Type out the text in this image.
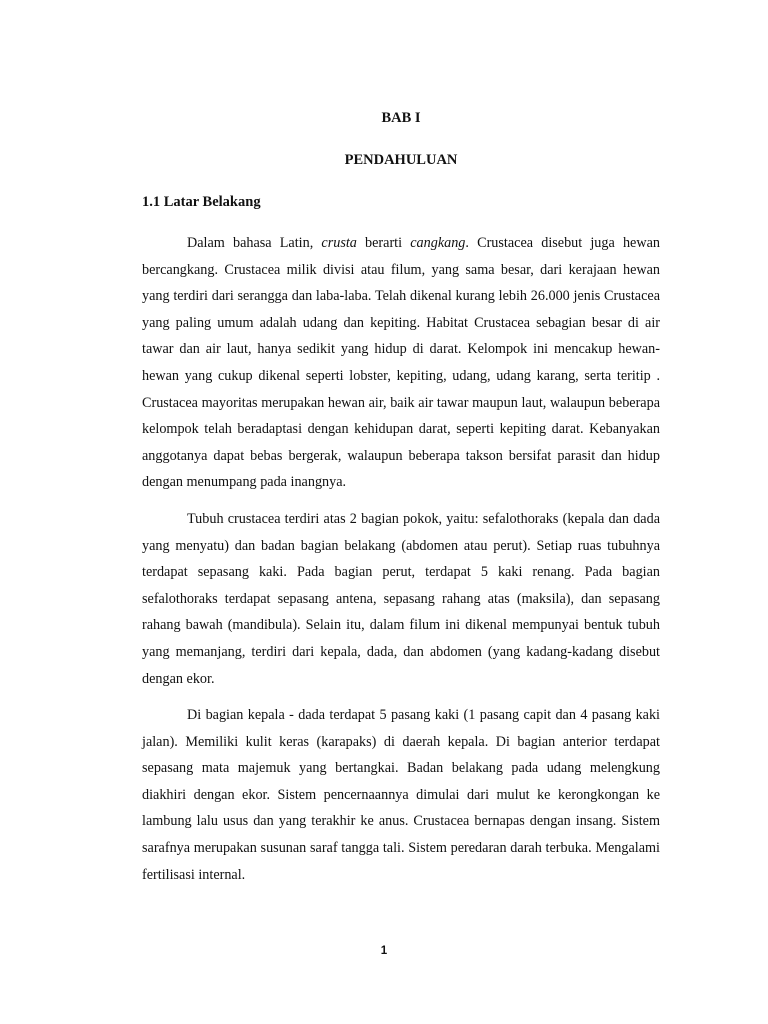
BAB I
PENDAHULUAN
1.1 Latar Belakang

Dalam bahasa Latin, crusta berarti cangkang. Crustacea disebut juga hewan bercangkang. Crustacea milik divisi atau filum, yang sama besar, dari kerajaan hewan yang terdiri dari serangga dan laba-laba. Telah dikenal kurang lebih 26.000 jenis Crustacea yang paling umum adalah udang dan kepiting. Habitat Crustacea sebagian besar di air tawar dan air laut, hanya sedikit yang hidup di darat. Kelompok ini mencakup hewan-hewan yang cukup dikenal seperti lobster, kepiting, udang, udang karang, serta teritip . Crustacea mayoritas merupakan hewan air, baik air tawar maupun laut, walaupun beberapa kelompok telah beradaptasi dengan kehidupan darat, seperti kepiting darat. Kebanyakan anggotanya dapat bebas bergerak, walaupun beberapa takson bersifat parasit dan hidup dengan menumpang pada inangnya.

Tubuh crustacea terdiri atas 2 bagian pokok, yaitu: sefalothoraks (kepala dan dada yang menyatu) dan badan bagian belakang (abdomen atau perut). Setiap ruas tubuhnya terdapat sepasang kaki. Pada bagian perut, terdapat 5 kaki renang. Pada bagian sefalothoraks terdapat sepasang antena, sepasang rahang atas (maksila), dan sepasang rahang bawah (mandibula). Selain itu, dalam filum ini dikenal mempunyai bentuk tubuh yang memanjang, terdiri dari kepala, dada, dan abdomen (yang kadang-kadang disebut dengan ekor.

Di bagian kepala - dada terdapat 5 pasang kaki (1 pasang capit dan 4 pasang kaki jalan). Memiliki kulit keras (karapaks) di daerah kepala. Di bagian anterior terdapat sepasang mata majemuk yang bertangkai. Badan belakang pada udang melengkung diakhiri dengan ekor. Sistem pencernaannya dimulai dari mulut ke kerongkongan ke lambung lalu usus dan yang terakhir ke anus. Crustacea bernapas dengan insang. Sistem sarafnya merupakan susunan saraf tangga tali. Sistem peredaran darah terbuka. Mengalami fertilisasi internal.

1
